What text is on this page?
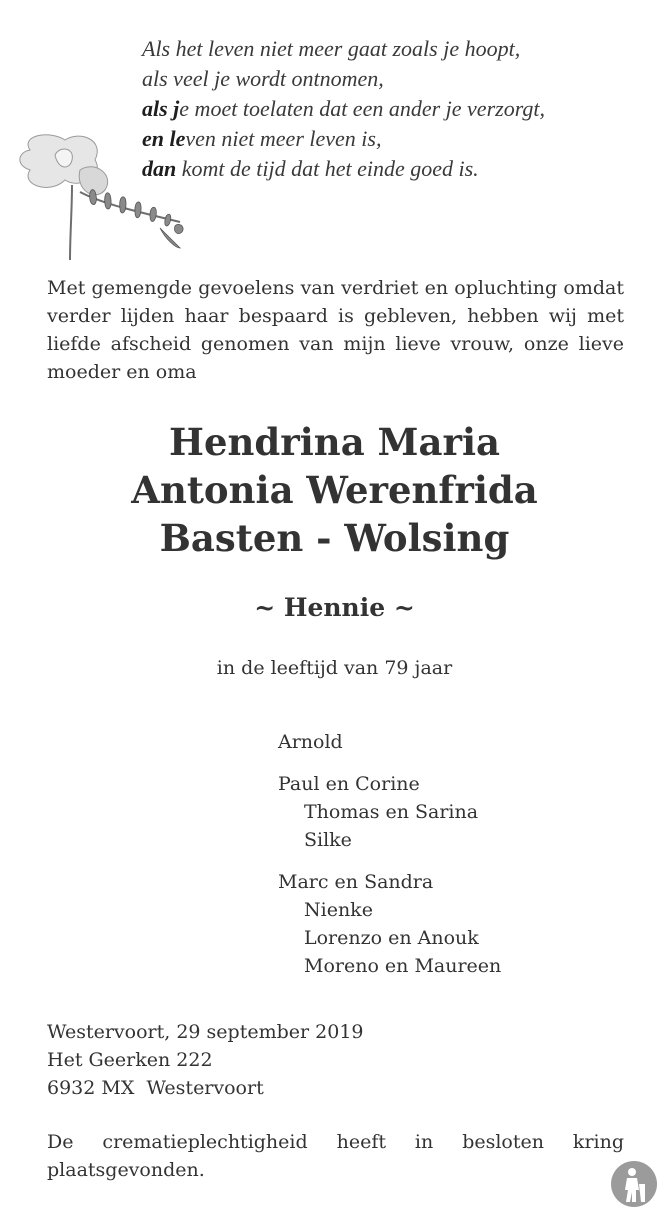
Als het leven niet meer gaat zoals je hoopt,
als veel je wordt ontnomen,
als je moet toelaten dat een ander je verzorgt,
en leven niet meer leven is,
dan komt de tijd dat het einde goed is.
Met gemengde gevoelens van verdriet en opluchting omdat verder lijden haar bespaard is gebleven, hebben wij met liefde afscheid genomen van mijn lieve vrouw, onze lieve moeder en oma
Hendrina Maria
Antonia Werenfrida
Basten - Wolsing
~ Hennie ~
in de leeftijd van 79 jaar
Arnold
Paul en Corine
Thomas en Sarina
Silke
Marc en Sandra
Nienke
Lorenzo en Anouk
Moreno en Maureen
Westervoort, 29 september 2019
Het Geerken 222
6932 MX  Westervoort
De crematieplechtigheid heeft in besloten kring plaatsgevonden.
